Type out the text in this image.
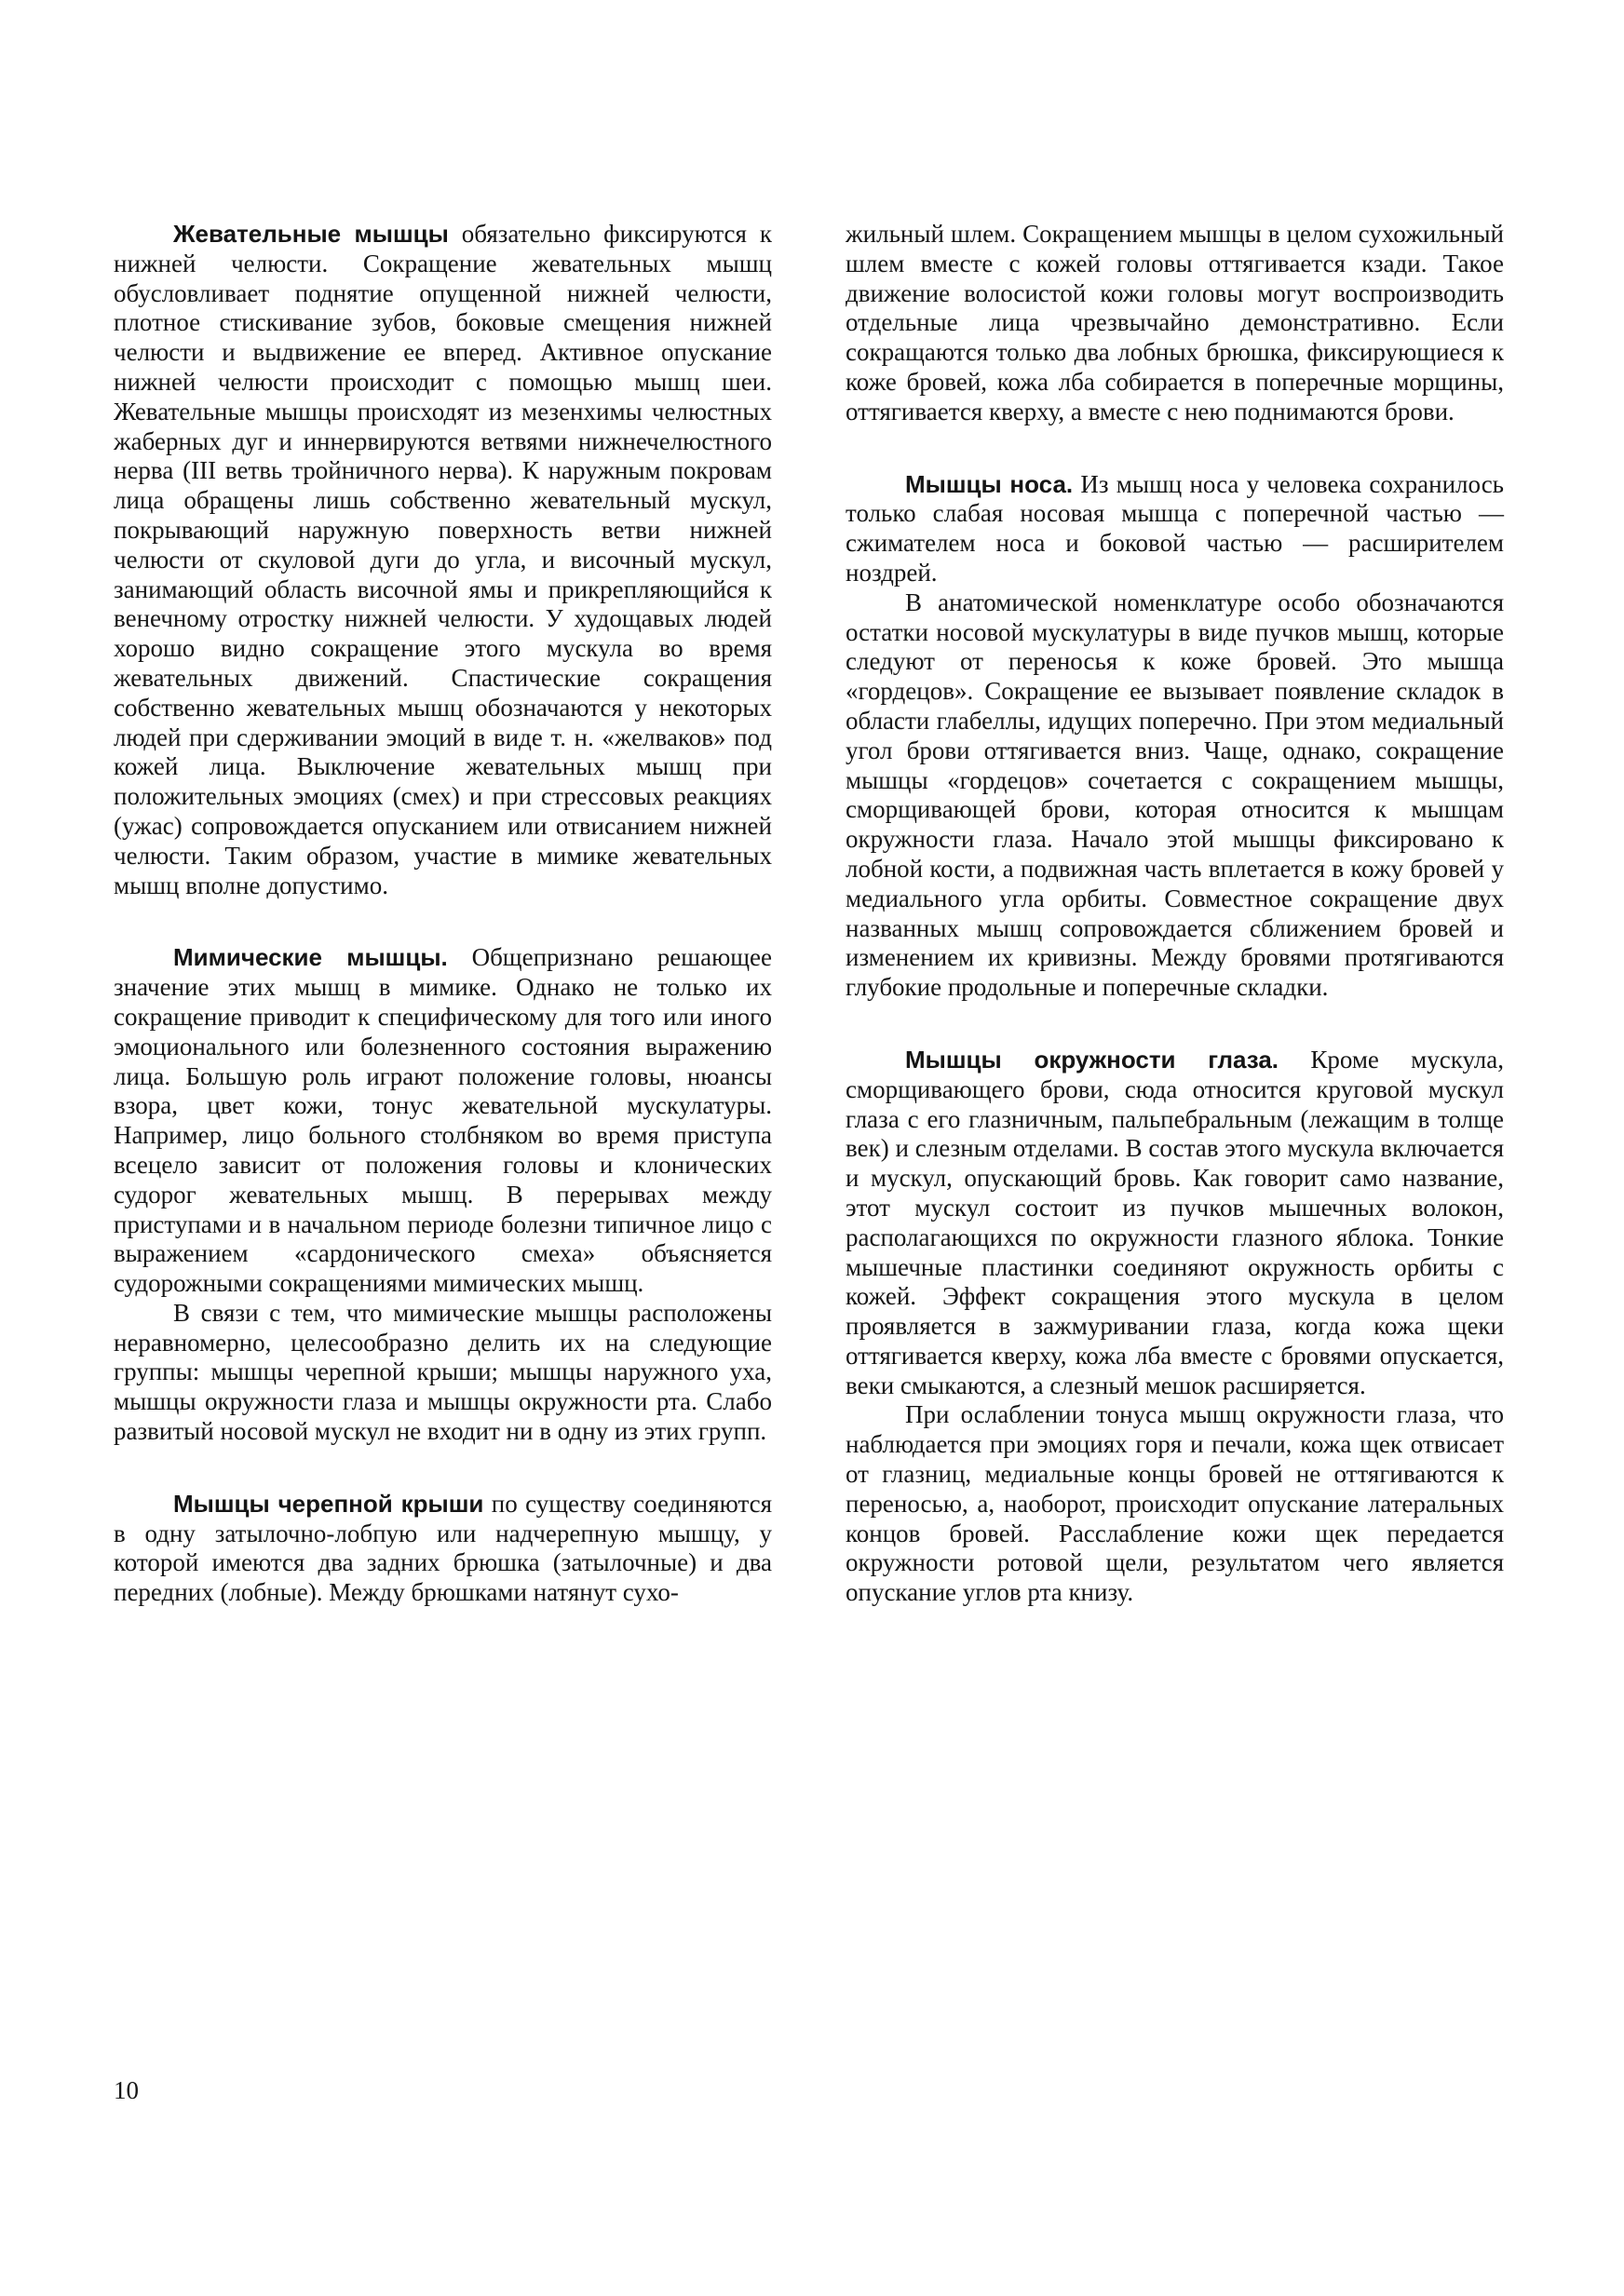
Жевательные мышцы обязательно фиксируются к нижней челюсти. Сокращение жевательных мышц обусловливает поднятие опущенной нижней челюсти, плотное стискивание зубов, боковые смещения нижней челюсти и выдвижение ее вперед. Активное опускание нижней челюсти происходит с помощью мышц шеи. Жевательные мышцы происходят из мезенхимы челюстных жаберных дуг и иннервируются ветвями нижнечелюстного нерва (III ветвь тройничного нерва). К наружным покровам лица обращены лишь собственно жевательный мускул, покрывающий наружную поверхность ветви нижней челюсти от скуловой дуги до угла, и височный мускул, занимающий область височной ямы и прикрепляющийся к венечному отростку нижней челюсти. У худощавых людей хорошо видно сокращение этого мускула во время жевательных движений. Спастические сокращения собственно жевательных мышц обозначаются у некоторых людей при сдерживании эмоций в виде т. н. «желваков» под кожей лица. Выключение жевательных мышц при положительных эмоциях (смех) и при стрессовых реакциях (ужас) сопровождается опусканием или отвисанием нижней челюсти. Таким образом, участие в мимике жевательных мышц вполне допустимо.

Мимические мышцы. Общепризнано решающее значение этих мышц в мимике. Однако не только их сокращение приводит к специфическому для того или иного эмоционального или болезненного состояния выражению лица. Большую роль играют положение головы, нюансы взора, цвет кожи, тонус жевательной мускулатуры. Например, лицо больного столбняком во время приступа всецело зависит от положения головы и клонических судорог жевательных мышц. В перерывах между приступами и в начальном периоде болезни типичное лицо с выражением «сардонического смеха» объясняется судорожными сокращениями мимических мышц.

В связи с тем, что мимические мышцы расположены неравномерно, целесообразно делить их на следующие группы: мышцы черепной крыши; мышцы наружного уха, мышцы окружности глаза и мышцы окружности рта. Слабо развитый носовой мускул не входит ни в одну из этих групп.

Мышцы черепной крыши по существу соединяются в одну затылочно-лобпую или надчерепную мышцу, у которой имеются два задних брюшка (затылочные) и два передних (лобные). Между брюшками натянут сухо-

жильный шлем. Сокращением мышцы в целом сухожильный шлем вместе с кожей головы оттягивается кзади. Такое движение волосистой кожи головы могут воспроизводить отдельные лица чрезвычайно демонстративно. Если сокращаются только два лобных брюшка, фиксирующиеся к коже бровей, кожа лба собирается в поперечные морщины, оттягивается кверху, а вместе с нею поднимаются брови.

Мышцы носа. Из мышц носа у человека сохранилось только слабая носовая мышца с поперечной частью — сжимателем носа и боковой частью — расширителем ноздрей.

В анатомической номенклатуре особо обозначаются остатки носовой мускулатуры в виде пучков мышц, которые следуют от переносья к коже бровей. Это мышца «гордецов». Сокращение ее вызывает появление складок в области глабеллы, идущих поперечно. При этом медиальный угол брови оттягивается вниз. Чаще, однако, сокращение мышцы «гордецов» сочетается с сокращением мышцы, сморщивающей брови, которая относится к мышцам окружности глаза. Начало этой мышцы фиксировано к лобной кости, а подвижная часть вплетается в кожу бровей у медиального угла орбиты. Совместное сокращение двух названных мышц сопровождается сближением бровей и изменением их кривизны. Между бровями протягиваются глубокие продольные и поперечные складки.

Мышцы окружности глаза. Кроме мускула, сморщивающего брови, сюда относится круговой мускул глаза с его глазничным, пальпебральным (лежащим в толще век) и слезным отделами. В состав этого мускула включается и мускул, опускающий бровь. Как говорит само название, этот мускул состоит из пучков мышечных волокон, располагающихся по окружности глазного яблока. Тонкие мышечные пластинки соединяют окружность орбиты с кожей. Эффект сокращения этого мускула в целом проявляется в зажмуривании глаза, когда кожа щеки оттягивается кверху, кожа лба вместе с бровями опускается, веки смыкаются, а слезный мешок расширяется.

При ослаблении тонуса мышц окружности глаза, что наблюдается при эмоциях горя и печали, кожа щек отвисает от глазниц, медиальные концы бровей не оттягиваются к переносью, а, наоборот, происходит опускание латеральных концов бровей. Расслабление кожи щек передается окружности ротовой щели, результатом чего является опускание углов рта книзу.

10
